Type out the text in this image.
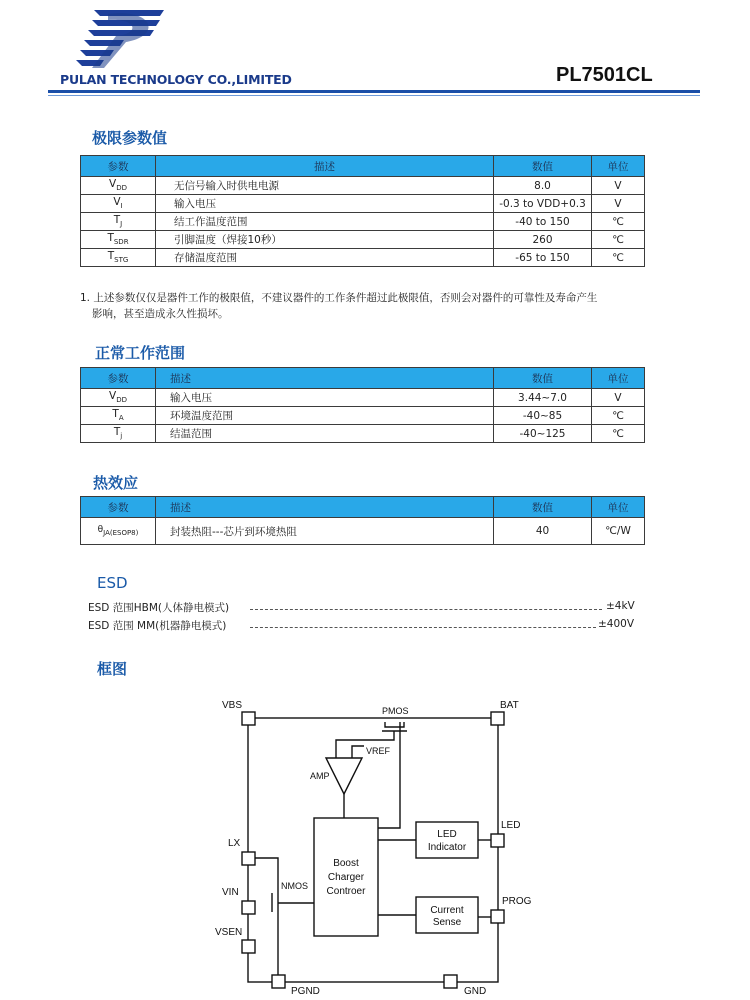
PULAN TECHNOLOGY CO.,LIMITED	PL7501CL
极限参数值
参数	描述	数值	单位
$V_{DD}$	无信号输入时供电电源	8.0	V
$V_I$	输入电压	-0.3 to VDD+0.3	V
$T_J$	结工作温度范围	-40 to 150	℃
$T_{SDR}$	引脚温度（焊接10秒）	260	℃
$T_{STG}$	存储温度范围	-65 to 150	℃
1. 上述参数仅仅是器件工作的极限值，不建议器件的工作条件超过此极限值，否则会对器件的可靠性及寿命产生
影响，甚至造成永久性损坏。
正常工作范围
参数	描述	数值	单位
$V_{DD}$	输入电压	3.44~7.0	V
$T_A$	环境温度范围	-40~85	℃
$T_j$	结温范围	-40~125	℃
热效应
参数	描述	数值	单位
$\theta_{JA(ESOP8)}$	封装热阻---芯片到环境热阻	40	℃/W
ESD
ESD 范围HBM(人体静电模式)	±4kV
ESD 范围 MM(机器静电模式)	±400V
框图
VBS	BAT
LX
VIN
VSEN
PGND	GND
LED
PROG
PMOS
VREF
AMP
NMOS
Boost
Charger
Controer
LED
Indicator
Current
Sense
